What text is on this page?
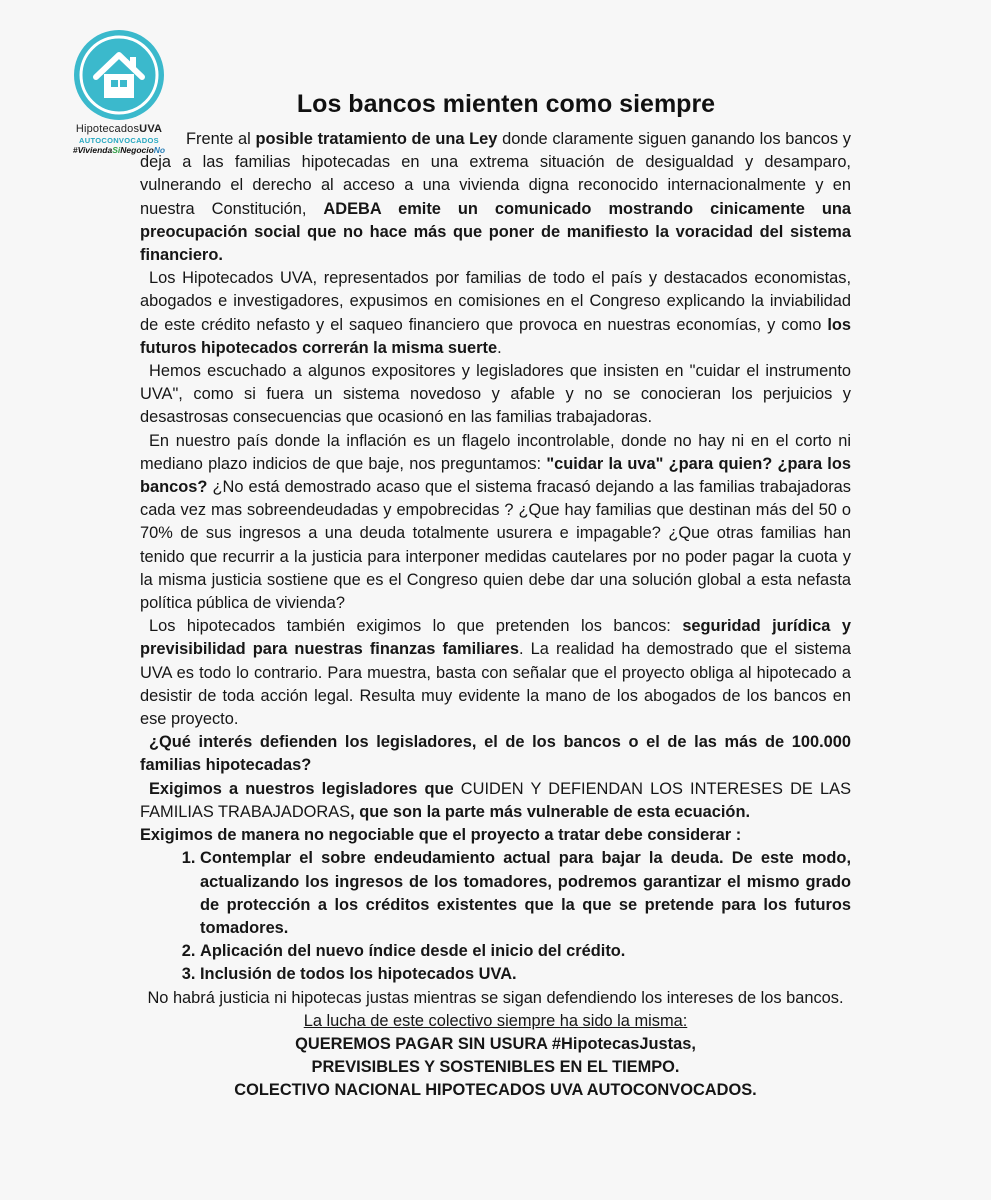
HipotecadosUVA
AUTOCONVOCADOS
#ViviendaSiNegocioNo
Los bancos mienten como siempre

Frente al posible tratamiento de una Ley donde claramente siguen ganando los bancos y deja a las familias hipotecadas en una extrema situación de desigualdad y desamparo, vulnerando el derecho al acceso a una vivienda digna reconocido internacionalmente y en nuestra Constitución, ADEBA emite un comunicado mostrando cinicamente una preocupación social que no hace más que poner de manifiesto la voracidad del sistema financiero.

Los Hipotecados UVA, representados por familias de todo el país y destacados economistas, abogados e investigadores, expusimos en comisiones en el Congreso explicando la inviabilidad de este crédito nefasto y el saqueo financiero que provoca en nuestras economías, y como los futuros hipotecados correrán la misma suerte.

Hemos escuchado a algunos expositores y legisladores que insisten en "cuidar el instrumento UVA", como si fuera un sistema novedoso y afable y no se conocieran los perjuicios y desastrosas consecuencias que ocasionó en las familias trabajadoras.

En nuestro país donde la inflación es un flagelo incontrolable, donde no hay ni en el corto ni mediano plazo indicios de que baje, nos preguntamos: "cuidar la uva" ¿para quien? ¿para los bancos? ¿No está demostrado acaso que el sistema fracasó dejando a las familias trabajadoras cada vez mas sobreendeudadas y empobrecidas ? ¿Que hay familias que destinan más del 50 o 70% de sus ingresos a una deuda totalmente usurera e impagable? ¿Que otras familias han tenido que recurrir a la justicia para interponer medidas cautelares por no poder pagar la cuota y la misma justicia sostiene que es el Congreso quien debe dar una solución global a esta nefasta política pública de vivienda?

Los hipotecados también exigimos lo que pretenden los bancos: seguridad jurídica y previsibilidad para nuestras finanzas familiares. La realidad ha demostrado que el sistema UVA es todo lo contrario. Para muestra, basta con señalar que el proyecto obliga al hipotecado a desistir de toda acción legal. Resulta muy evidente la mano de los abogados de los bancos en ese proyecto.

¿Qué interés defienden los legisladores, el de los bancos o el de las más de 100.000 familias hipotecadas?

Exigimos a nuestros legisladores que CUIDEN Y DEFIENDAN LOS INTERESES DE LAS FAMILIAS TRABAJADORAS, que son la parte más vulnerable de esta ecuación.

Exigimos de manera no negociable que el proyecto a tratar debe considerar :

1. Contemplar el sobre endeudamiento actual para bajar la deuda. De este modo, actualizando los ingresos de los tomadores, podremos garantizar el mismo grado de protección a los créditos existentes que la que se pretende para los futuros tomadores.
2. Aplicación del nuevo índice desde el inicio del crédito.
3. Inclusión de todos los hipotecados UVA.

No habrá justicia ni hipotecas justas mientras se sigan defendiendo los intereses de los bancos.

La lucha de este colectivo siempre ha sido la misma:

QUEREMOS PAGAR SIN USURA #HipotecasJustas,

PREVISIBLES Y SOSTENIBLES EN EL TIEMPO.

COLECTIVO NACIONAL HIPOTECADOS UVA AUTOCONVOCADOS.
